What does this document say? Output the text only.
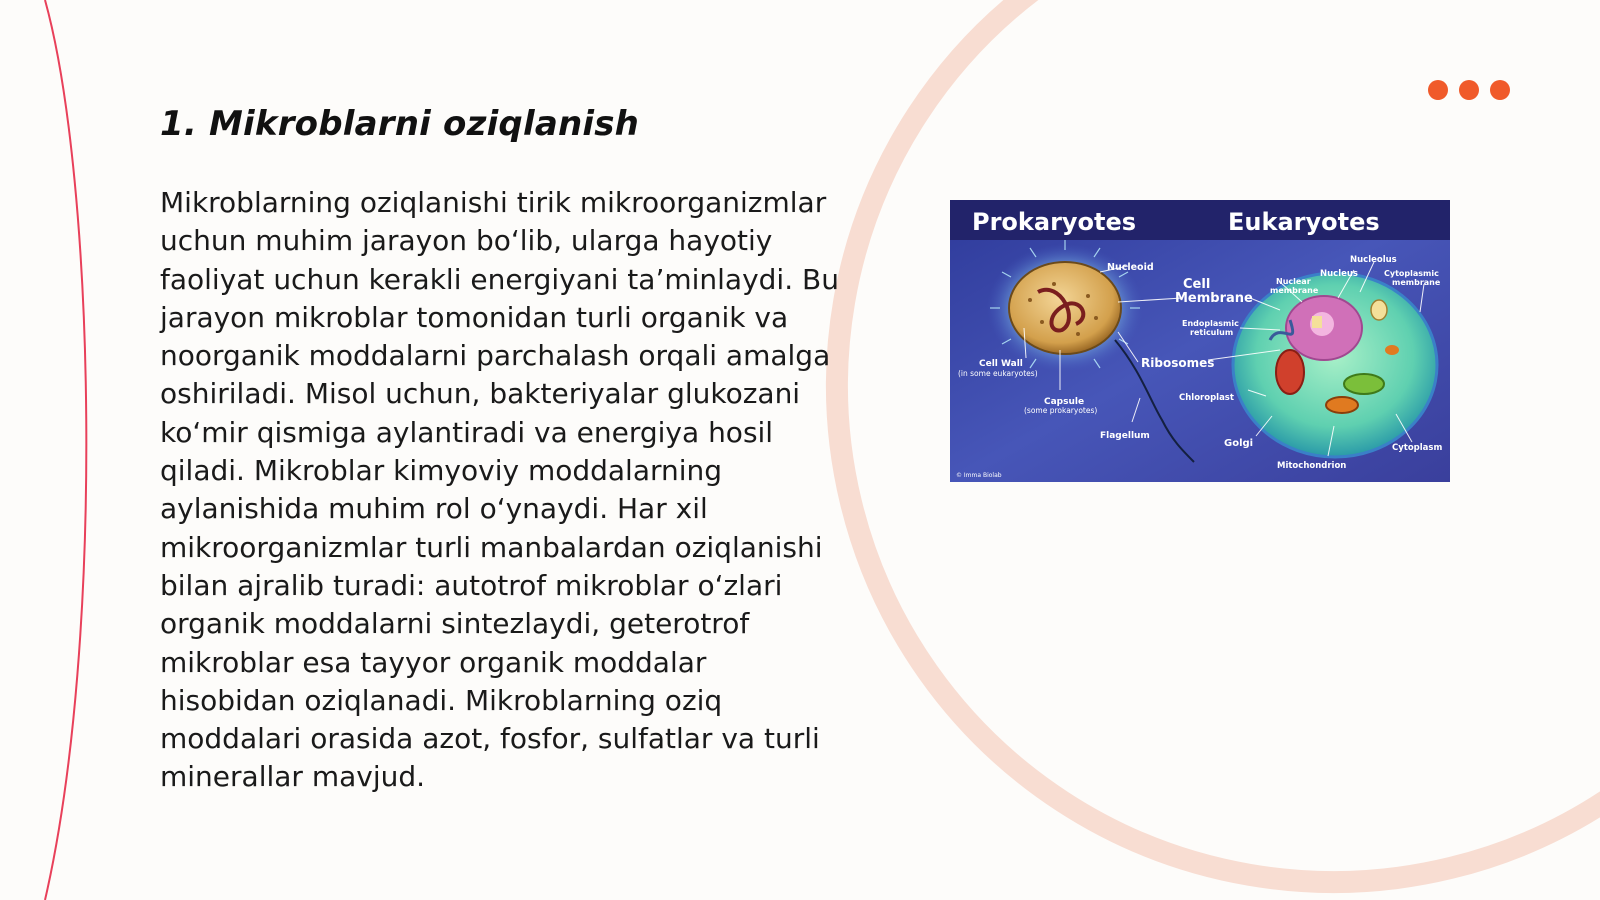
1. Mikroblarni oziqlanish

Mikroblarning oziqlanishi tirik mikroorganizmlar uchun muhim jarayon bo‘lib, ularga hayotiy faoliyat uchun kerakli energiyani ta’minlaydi. Bu jarayon mikroblar tomonidan turli organik va noorganik moddalarni parchalash orqali amalga oshiriladi. Misol uchun, bakteriyalar glukozani ko‘mir qismiga aylantiradi va energiya hosil qiladi. Mikroblar kimyoviy moddalarning aylanishida muhim rol o‘ynaydi. Har xil mikroorganizmlar turli manbalardan oziqlanishi bilan ajralib turadi: autotrof mikroblar o‘zlari organik moddalarni sintezlaydi, geterotrof mikroblar esa tayyor organik moddalar hisobidan oziqlanadi. Mikroblarning oziq moddalari orasida azot, fosfor, sulfatlar va turli minerallar mavjud.

Prokaryotes	Eukaryotes
Nucleoid
Cell
Membrane
Ribosomes
Cell Wall
(in some eukaryotes)
Capsule
(some prokaryotes)
Flagellum
Nucleolus
Nucleus
Nuclear
membrane
Cytoplasmic
membrane
Endoplasmic
reticulum
Chloroplast
Golgi
Mitochondrion
Cytoplasm
© Imma Biolab
